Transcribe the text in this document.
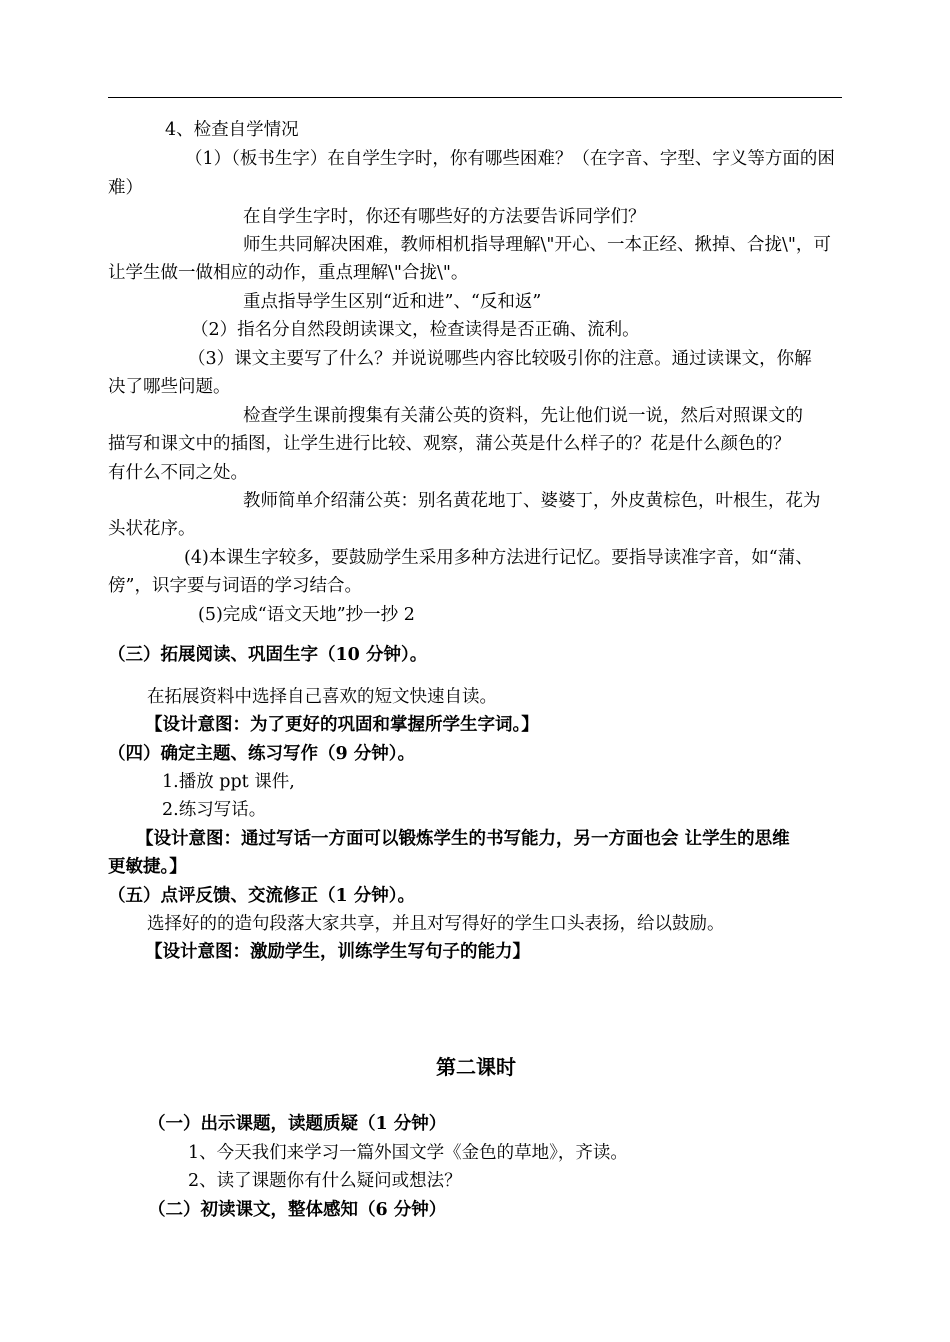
4、检查自学情况
（1）（板书生字）在自学生字时，你有哪些困难？（在字音、字型、字义等方面的困
难）
在自学生字时，你还有哪些好的方法要告诉同学们？
师生共同解决困难，教师相机指导理解\"开心、一本正经、揪掉、合拢\"，可
让学生做一做相应的动作，重点理解\"合拢\"。
重点指导学生区别“近和进”、“反和返”
（2）指名分自然段朗读课文，检查读得是否正确、流利。
（3）课文主要写了什么？并说说哪些内容比较吸引你的注意。通过读课文，你解
决了哪些问题。
检查学生课前搜集有关蒲公英的资料，先让他们说一说，然后对照课文的
描写和课文中的插图，让学生进行比较、观察，蒲公英是什么样子的？花是什么颜色的？
有什么不同之处。
教师简单介绍蒲公英：别名黄花地丁、婆婆丁，外皮黄棕色，叶根生，花为
头状花序。
(4)本课生字较多，要鼓励学生采用多种方法进行记忆。要指导读准字音，如“蒲、
傍”，识字要与词语的学习结合。
(5)完成“语文天地”抄一抄 2
（三）拓展阅读、巩固生字（10 分钟）。
在拓展资料中选择自己喜欢的短文快速自读。
【设计意图：为了更好的巩固和掌握所学生字词。】
（四）确定主题、练习写作（9 分钟）。
1.播放 ppt 课件,
2.练习写话。
【设计意图：通过写话一方面可以锻炼学生的书写能力，另一方面也会 让学生的思维
更敏捷。】
（五）点评反馈、交流修正（1 分钟）。
选择好的的造句段落大家共享，并且对写得好的学生口头表扬，给以鼓励。
【设计意图：激励学生，训练学生写句子的能力】
第二课时
（一）出示课题，读题质疑（1 分钟）
1、今天我们来学习一篇外国文学《金色的草地》，齐读。
2、读了课题你有什么疑问或想法？
（二）初读课文，整体感知（6 分钟）
